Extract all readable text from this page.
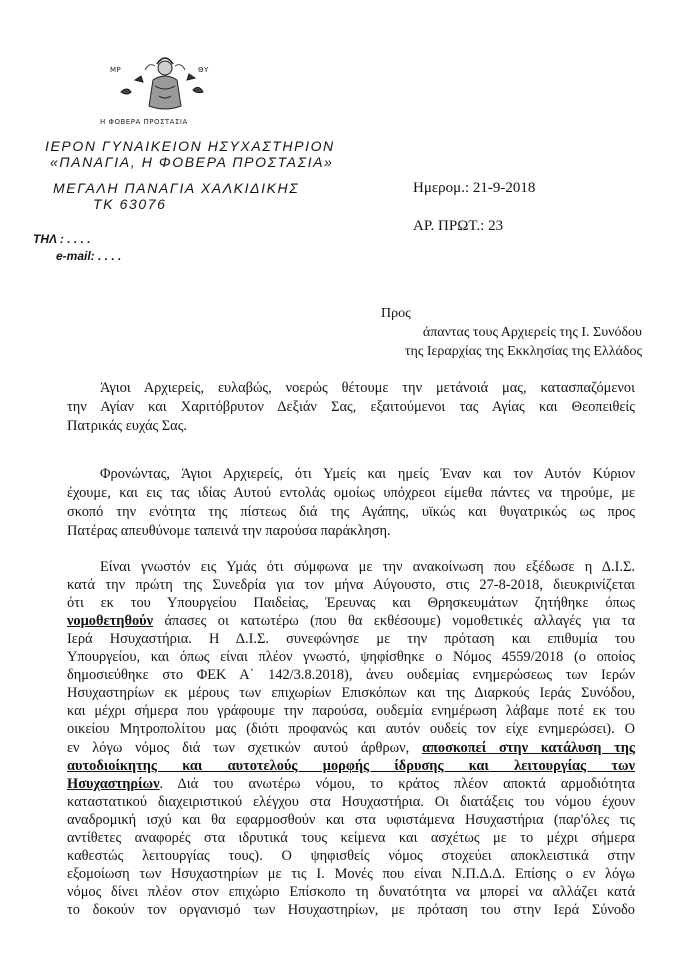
Η ΦΟΒΕΡΑ ΠΡΟΣΤΑΣΙΑ
ΜΡ	ΘΥ
ΙΕΡΟΝ ΓΥΝΑΙΚΕΙΟΝ ΗΣΥΧΑΣΤΗΡΙΟΝ
«ΠΑΝΑΓΙΑ, Η ΦΟΒΕΡΑ ΠΡΟΣΤΑΣΙΑ»
ΜΕΓΑΛΗ ΠΑΝΑΓΙΑ ΧΑΛΚΙΔΙΚΗΣ
ΤΚ 63076
Ημερομ.: 21-9-2018
ΑΡ. ΠΡΩΤ.: 23
ΤΗΛ : . . . .
e-mail: . . . .
Προς
άπαντας τους Αρχιερείς της Ι. Συνόδου
της Ιεραρχίας της Εκκλησίας της Ελλάδος
Άγιοι Αρχιερείς, ευλαβώς, νοερώς θέτουμε την μετάνοιά μας, κατασπαζόμενοι
την Αγίαν και Χαριτόβρυτον Δεξιάν Σας, εξαιτούμενοι τας Αγίας και Θεοπειθείς
Πατρικάς ευχάς Σας.
Φρονώντας, Άγιοι Αρχιερείς, ότι Υμείς και ημείς Έναν και τον Αυτόν Κύριον
έχουμε, και εις τας ιδίας Αυτού εντολάς ομοίως υπόχρεοι είμεθα πάντες να τηρούμε, με
σκοπό την ενότητα της πίστεως διά της Αγάπης, υϊκώς και θυγατρικώς ως προς
Πατέρας απευθύνομε ταπεινά την παρούσα παράκληση.
Είναι γνωστόν εις Υμάς ότι σύμφωνα με την ανακοίνωση που εξέδωσε η Δ.Ι.Σ.
κατά την πρώτη της Συνεδρία για τον μήνα Αύγουστο, στις 27-8-2018, διευκρινίζεται
ότι εκ του Υπουργείου Παιδείας, Έρευνας και Θρησκευμάτων ζητήθηκε όπως
νομοθετηθούν άπασες οι κατωτέρω (που θα εκθέσουμε) νομοθετικές αλλαγές για τα
Ιερά Ησυχαστήρια. Η Δ.Ι.Σ. συνεφώνησε με την πρόταση και επιθυμία του
Υπουργείου, και όπως είναι πλέον γνωστό, ψηφίσθηκε ο Νόμος 4559/2018 (ο οποίος
δημοσιεύθηκε στο ΦΕΚ Α΄ 142/3.8.2018), άνευ ουδεμίας ενημερώσεως των Ιερών
Ησυχαστηρίων εκ μέρους των επιχωρίων Επισκόπων και της Διαρκούς Ιεράς Συνόδου,
και μέχρι σήμερα που γράφουμε την παρούσα, ουδεμία ενημέρωση λάβαμε ποτέ εκ του
οικείου Μητροπολίτου μας (διότι προφανώς και αυτόν ουδείς τον είχε ενημερώσει). Ο
εν λόγω νόμος διά των σχετικών αυτού άρθρων, αποσκοπεί στην κατάλυση της
αυτοδιοίκητης και αυτοτελούς μορφής ίδρυσης και λειτουργίας των
Ησυχαστηρίων. Διά του ανωτέρω νόμου, το κράτος πλέον αποκτά αρμοδιότητα
καταστατικού διαχειριστικού ελέγχου στα Ησυχαστήρια. Οι διατάξεις του νόμου έχουν
αναδρομική ισχύ και θα εφαρμοσθούν και στα υφιστάμενα Ησυχαστήρια (παρ'όλες τις
αντίθετες αναφορές στα ιδρυτικά τους κείμενα και ασχέτως με το μέχρι σήμερα
καθεστώς λειτουργίας τους). Ο ψηφισθείς νόμος στοχεύει αποκλειστικά στην
εξομοίωση των Ησυχαστηρίων με τις Ι. Μονές που είναι Ν.Π.Δ.Δ. Επίσης ο εν λόγω
νόμος δίνει πλέον στον επιχώριο Επίσκοπο τη δυνατότητα να μπορεί να αλλάζει κατά
το δοκούν τον οργανισμό των Ησυχαστηρίων, με πρόταση του στην Ιερά Σύνοδο
